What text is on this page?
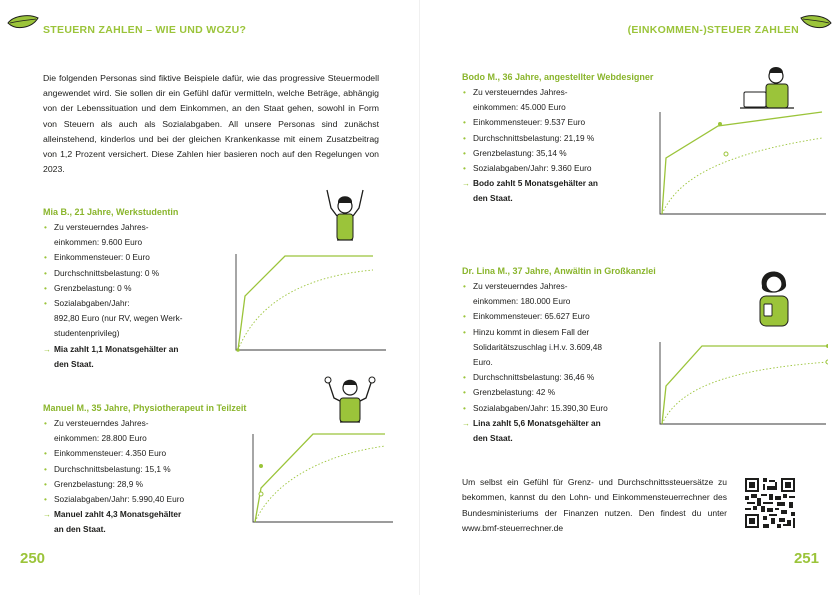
STEUERN ZAHLEN – WIE UND WOZU?

Die folgenden Personas sind fiktive Beispiele dafür, wie das progressive Steuermodell angewendet wird. Sie sollen dir ein Gefühl dafür vermitteln, welche Beträge, abhängig von der Lebenssituation und dem Einkommen, an den Staat gehen, sowohl in Form von Steuern als auch als Sozialabgaben. All unsere Personas sind zunächst alleinstehend, kinderlos und bei der gleichen Krankenkasse mit einem Zusatzbeitrag von 1,2 Prozent versichert. Diese Zahlen hier basieren noch auf den Regelungen von 2023.

Mia B., 21 Jahre, Werkstudentin
• Zu versteuerndes Jahres-
einkommen: 9.600 Euro
• Einkommensteuer: 0 Euro
• Durchschnittsbelastung: 0 %
• Grenzbelastung: 0 %
• Sozialabgaben/Jahr:
892,80 Euro (nur RV, wegen Werk-
studentenprivileg)
→ Mia zahlt 1,1 Monatsgehälter an
den Staat.
Manuel M., 35 Jahre, Physiotherapeut in Teilzeit
• Zu versteuerndes Jahres-
einkommen: 28.800 Euro
• Einkommensteuer: 4.350 Euro
• Durchschnittsbelastung: 15,1 %
• Grenzbelastung: 28,9 %
• Sozialabgaben/Jahr: 5.990,40 Euro
→ Manuel zahlt 4,3 Monatsgehälter
an den Staat.
250
(EINKOMMEN-)STEUER ZAHLEN
Bodo M., 36 Jahre, angestellter Webdesigner
• Zu versteuerndes Jahres-
einkommen: 45.000 Euro
• Einkommensteuer: 9.537 Euro
• Durchschnittsbelastung: 21,19 %
• Grenzbelastung: 35,14 %
• Sozialabgaben/Jahr: 9.360 Euro
→ Bodo zahlt 5 Monatsgehälter an
den Staat.
Dr. Lina M., 37 Jahre, Anwältin in Großkanzlei
• Zu versteuerndes Jahres-
einkommen: 180.000 Euro
• Einkommensteuer: 65.627 Euro
• Hinzu kommt in diesem Fall der
Solidaritätszuschlag i.H.v. 3.609,48
Euro.
• Durchschnittsbelastung: 36,46 %
• Grenzbelastung: 42 %
• Sozialabgaben/Jahr: 15.390,30 Euro
→ Lina zahlt 5,6 Monatsgehälter an
den Staat.

Um selbst ein Gefühl für Grenz- und Durchschnittssteuersätze zu bekommen, kannst du den Lohn- und Einkommensteuerrechner des Bundesministeriums der Finanzen nutzen. Den findest du unter www.bmf-steuerrechner.de

251
